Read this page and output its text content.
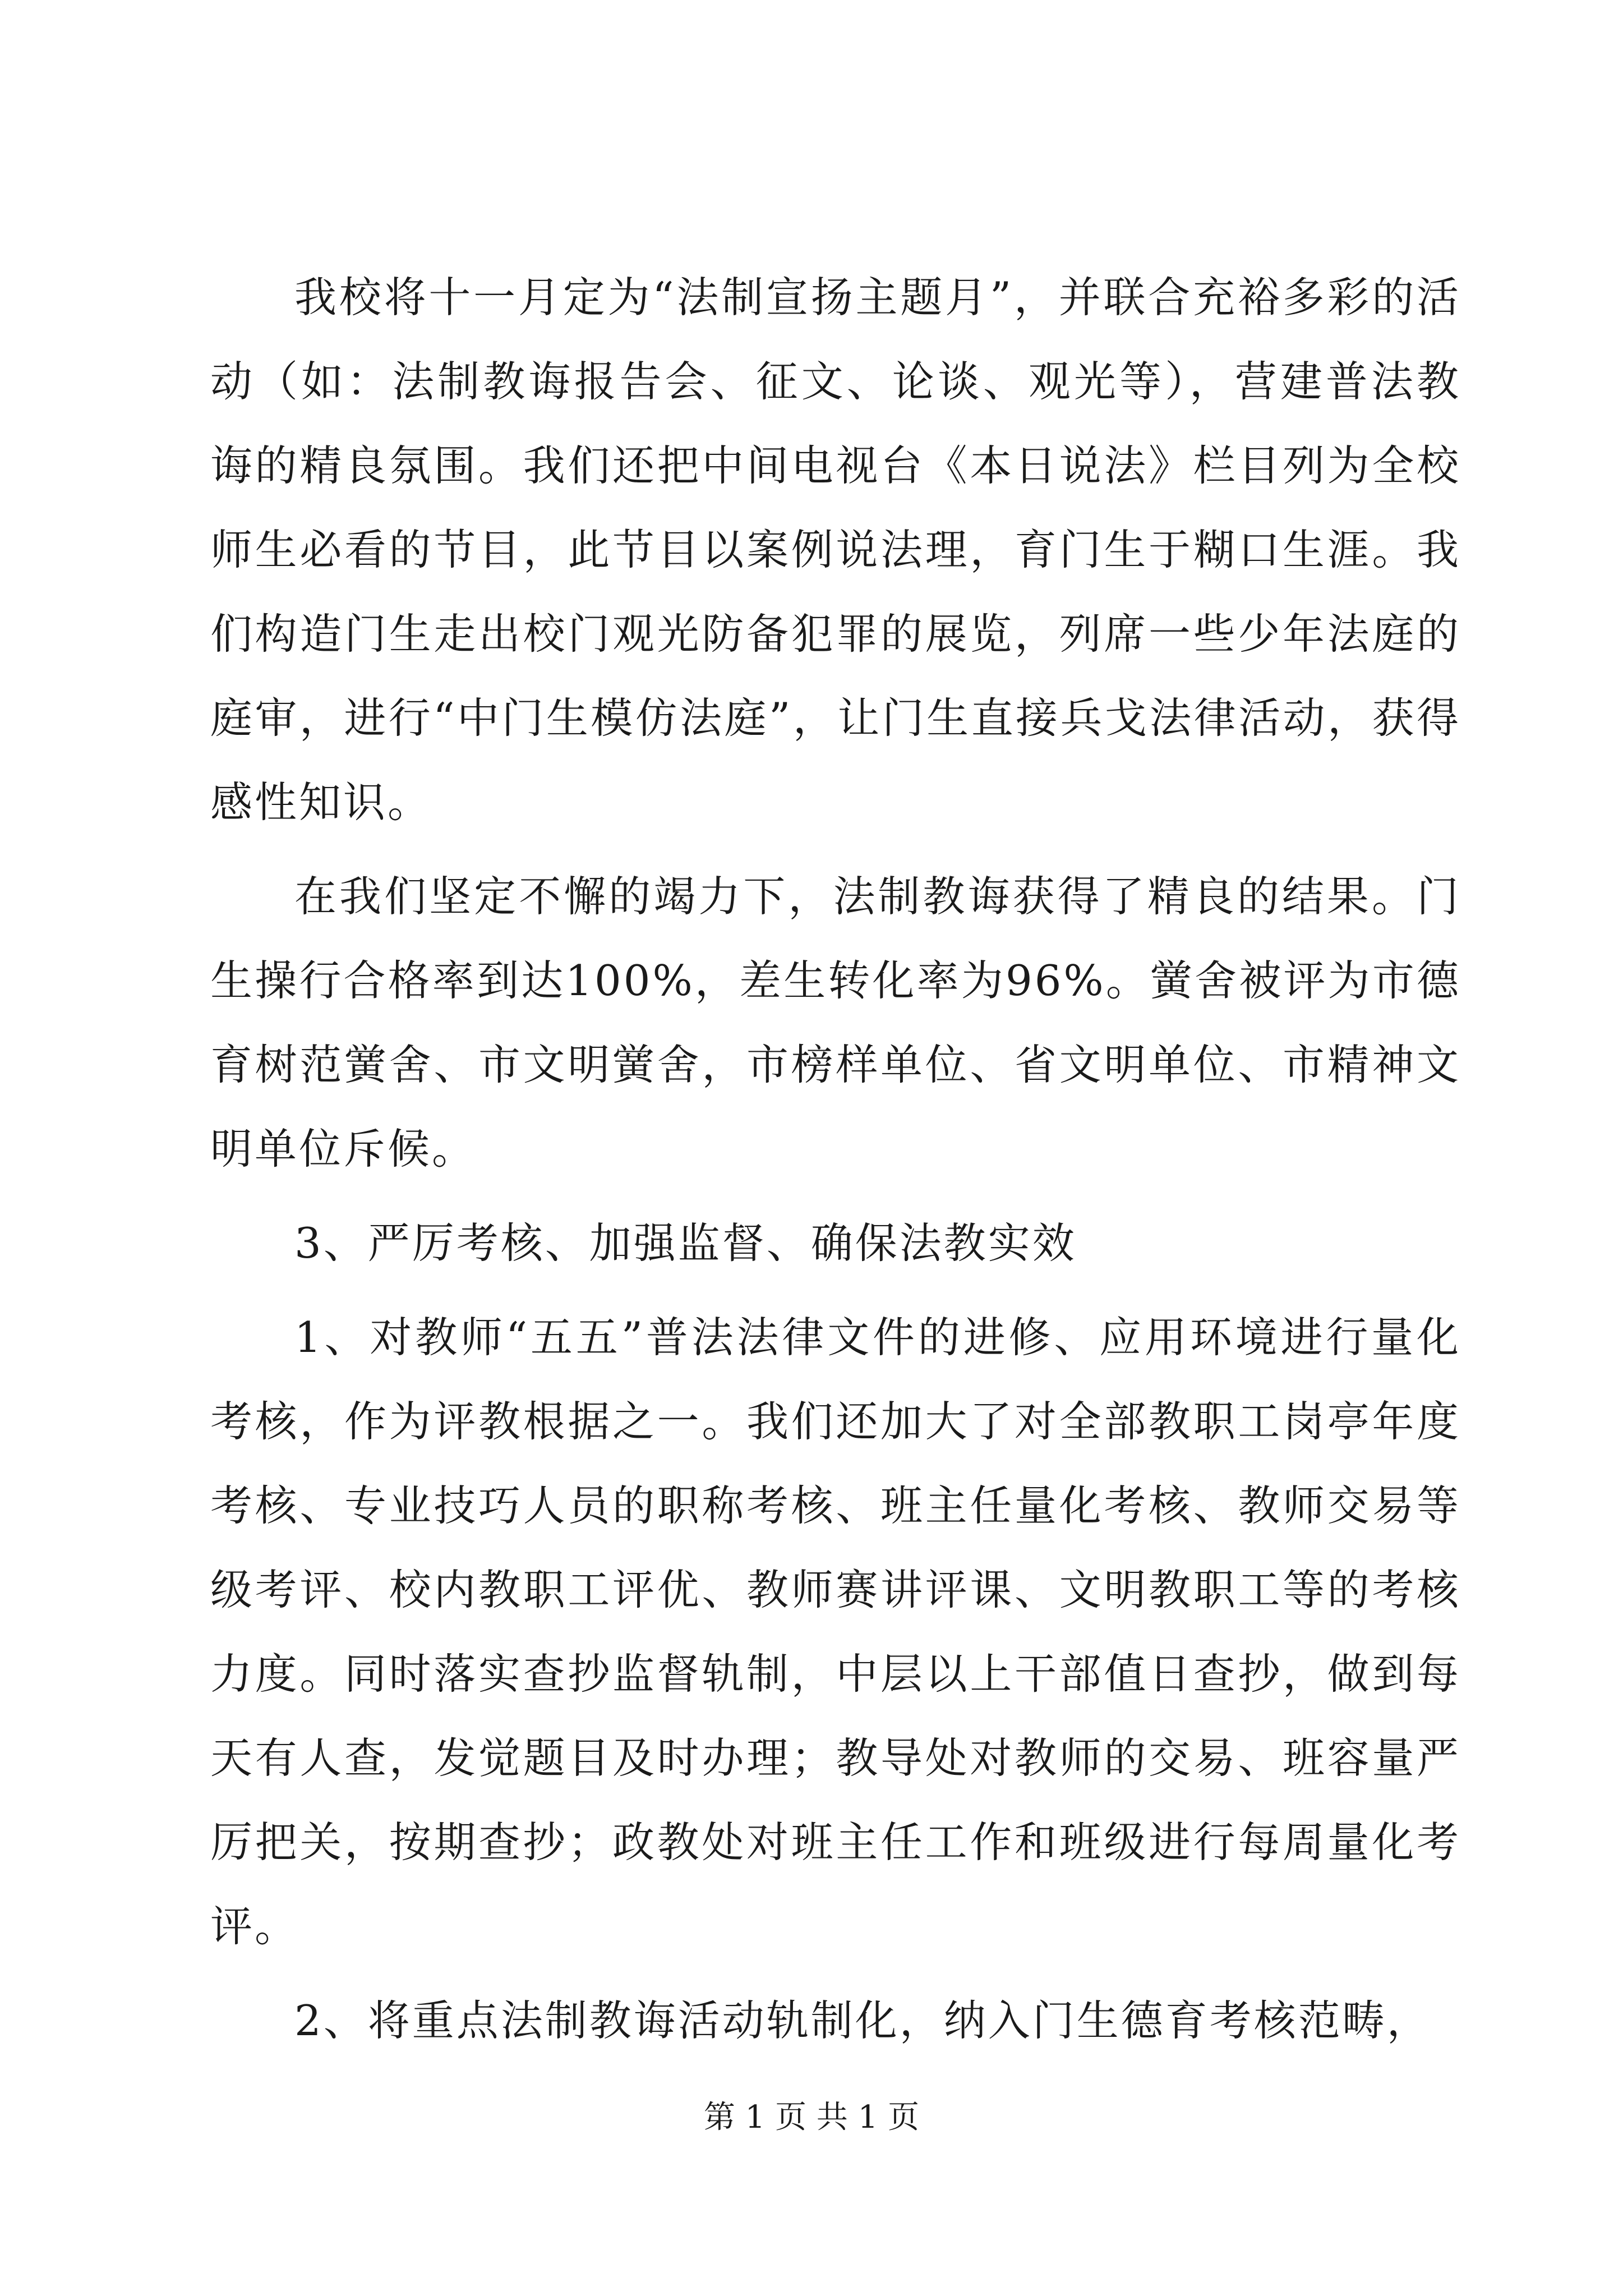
我校将十一月定为“法制宣扬主题月”，并联合充裕多彩的活动（如：法制教诲报告会、征文、论谈、观光等），营建普法教诲的精良氛围。我们还把中间电视台《本日说法》栏目列为全校师生必看的节目，此节目以案例说法理，育门生于糊口生涯。我们构造门生走出校门观光防备犯罪的展览，列席一些少年法庭的庭审，进行“中门生模仿法庭”，让门生直接兵戈法律活动，获得感性知识。

在我们坚定不懈的竭力下，法制教诲获得了精良的结果。门生操行合格率到达100%，差生转化率为96%。黉舍被评为市德育树范黉舍、市文明黉舍，市榜样单位、省文明单位、市精神文明单位斥候。

3、严厉考核、加强监督、确保法教实效

1、对教师“五五”普法法律文件的进修、应用环境进行量化考核，作为评教根据之一。我们还加大了对全部教职工岗亭年度考核、专业技巧人员的职称考核、班主任量化考核、教师交易等级考评、校内教职工评优、教师赛讲评课、文明教职工等的考核力度。同时落实查抄监督轨制，中层以上干部值日查抄，做到每天有人查，发觉题目及时办理；教导处对教师的交易、班容量严厉把关，按期查抄；政教处对班主任工作和班级进行每周量化考评。

2、将重点法制教诲活动轨制化，纳入门生德育考核范畴，

第 1 页 共 1 页
